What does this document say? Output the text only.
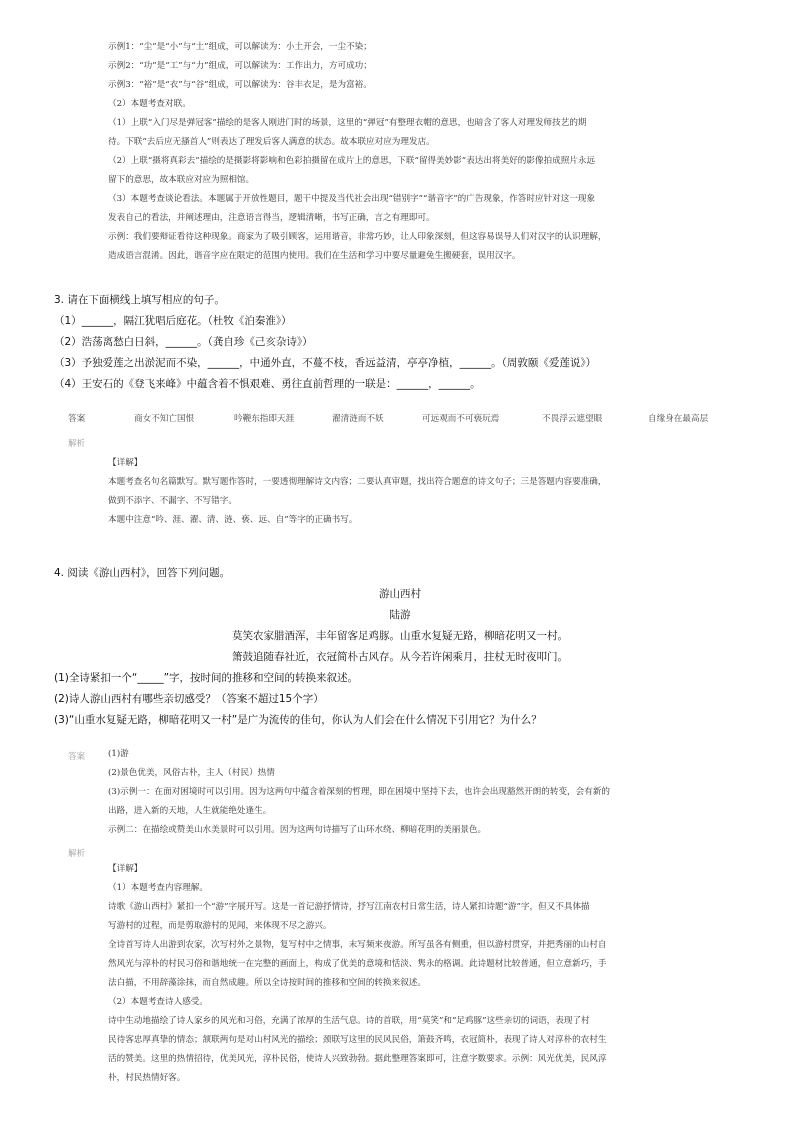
示例1：“尘”是“小”与“土”组成，可以解读为：小土开会，一尘不染；
示例2：“功”是“工”与“力”组成，可以解读为：工作出力，方可成功；
示例3：“裕”是“衣”与“谷”组成，可以解读为：谷丰衣足，是为富裕。
（2）本题考查对联。
（1）上联“入门尽是弹冠客”描绘的是客人刚进门时的场景，这里的“弹冠”有整理衣帽的意思，也暗含了客人对理发师技艺的期
待。下联“去后应无搔首人”则表达了理发后客人满意的状态。故本联应对应为理发店。
（2）上联“摄将真彩去”描绘的是摄影将影响和色彩拍摄留在成片上的意思，下联“留得美妙影”表达出将美好的影像拍成照片永远
留下的意思，故本联应对应为照相馆。
（3）本题考查谈论看法。本题属于开放性题目，题干中提及当代社会出现“错别字”“谐音字”的广告现象，作答时应针对这一现象
发表自己的看法，并阐述理由，注意语言得当，逻辑清晰，书写正确，言之有理即可。
示例：我们要辩证看待这种现象。商家为了吸引顾客，运用谐音，非常巧妙，让人印象深刻，但这容易误导人们对汉字的认识理解，
造成语言混淆。因此，谐音字应在限定的范围内使用。我们在生活和学习中要尽量避免生搬硬套，误用汉字。
3. 请在下面横线上填写相应的句子。
（1）______，隔江犹唱后庭花。（杜牧《泊秦淮》）
（2）浩荡离愁白日斜，______。（龚自珍《己亥杂诗》）
（3）予独爱莲之出淤泥而不染，______，中通外直，不蔓不枝，香远益清，亭亭净植，______。（周敦颐《爱莲说》）
（4）王安石的《登飞来峰》中蕴含着不惧艰难、勇往直前哲理的一联是：______，______。
答案	商女不知亡国恨	吟鞭东指即天涯	濯清涟而不妖	可远观而不可亵玩焉	不畏浮云遮望眼	自缘身在最高层
解析
【详解】
本题考查名句名篇默写。默写题作答时，一要透彻理解诗文内容；二要认真审题，找出符合题意的诗文句子；三是答题内容要准确，
做到不添字、不漏字、不写错字。
本题中注意“吟、涯、濯、清、涟、亵、远、自”等字的正确书写。
4. 阅读《游山西村》，回答下列问题。
游山西村
陆游
莫笑农家腊酒浑，丰年留客足鸡豚。山重水复疑无路，柳暗花明又一村。
箫鼓追随春社近，衣冠简朴古风存。从今若许闲乘月，拄杖无时夜叩门。
(1)全诗紧扣一个“_____”字，按时间的推移和空间的转换来叙述。
(2)诗人游山西村有哪些亲切感受？（答案不超过15个字）
(3)“山重水复疑无路，柳暗花明又一村”是广为流传的佳句，你认为人们会在什么情况下引用它？为什么？
答案	(1)游
(2)景色优美，风俗古朴，主人（村民）热情
(3)示例一：在面对困境时可以引用。因为这两句中蕴含着深刻的哲理，即在困境中坚持下去，也许会出现豁然开朗的转变，会有新的
出路，进入新的天地，人生就能绝处逢生。
示例二：在描绘或赞美山水美景时可以引用。因为这两句诗描写了山环水绕、柳暗花明的美丽景色。
解析
【详解】
（1）本题考查内容理解。
诗歌《游山西村》紧扣一个“游”字展开写。这是一首记游抒情诗，抒写江南农村日常生活，诗人紧扣诗题“游”字，但又不具体描
写游村的过程，而是剪取游村的见闻，来体现不尽之游兴。
全诗首写诗人出游到农家，次写村外之景物，复写村中之情事，末写频来夜游。所写虽各有侧重，但以游村贯穿，并把秀丽的山村自
然风光与淳朴的村民习俗和谐地统一在完整的画面上，构成了优美的意境和恬淡、隽永的格调。此诗题材比较普通，但立意新巧，手
法白描，不用辞藻涂抹，而自然成趣。所以全诗按时间的推移和空间的转换来叙述。
（2）本题考查诗人感受。
诗中生动地描绘了诗人家乡的风光和习俗，充满了浓厚的生活气息。诗的首联，用“莫笑”和“足鸡豚”这些亲切的词语，表现了村
民待客忠厚真挚的情态；颔联两句是对山村风光的描绘；颈联写这里的民风民俗，箫鼓齐鸣，衣冠简朴，表现了诗人对淳朴的农村生
活的赞美。这里的热情招待，优美风光，淳朴民俗，使诗人兴致勃勃。据此整理答案即可，注意字数要求。示例：风光优美，民风淳
朴，村民热情好客。
